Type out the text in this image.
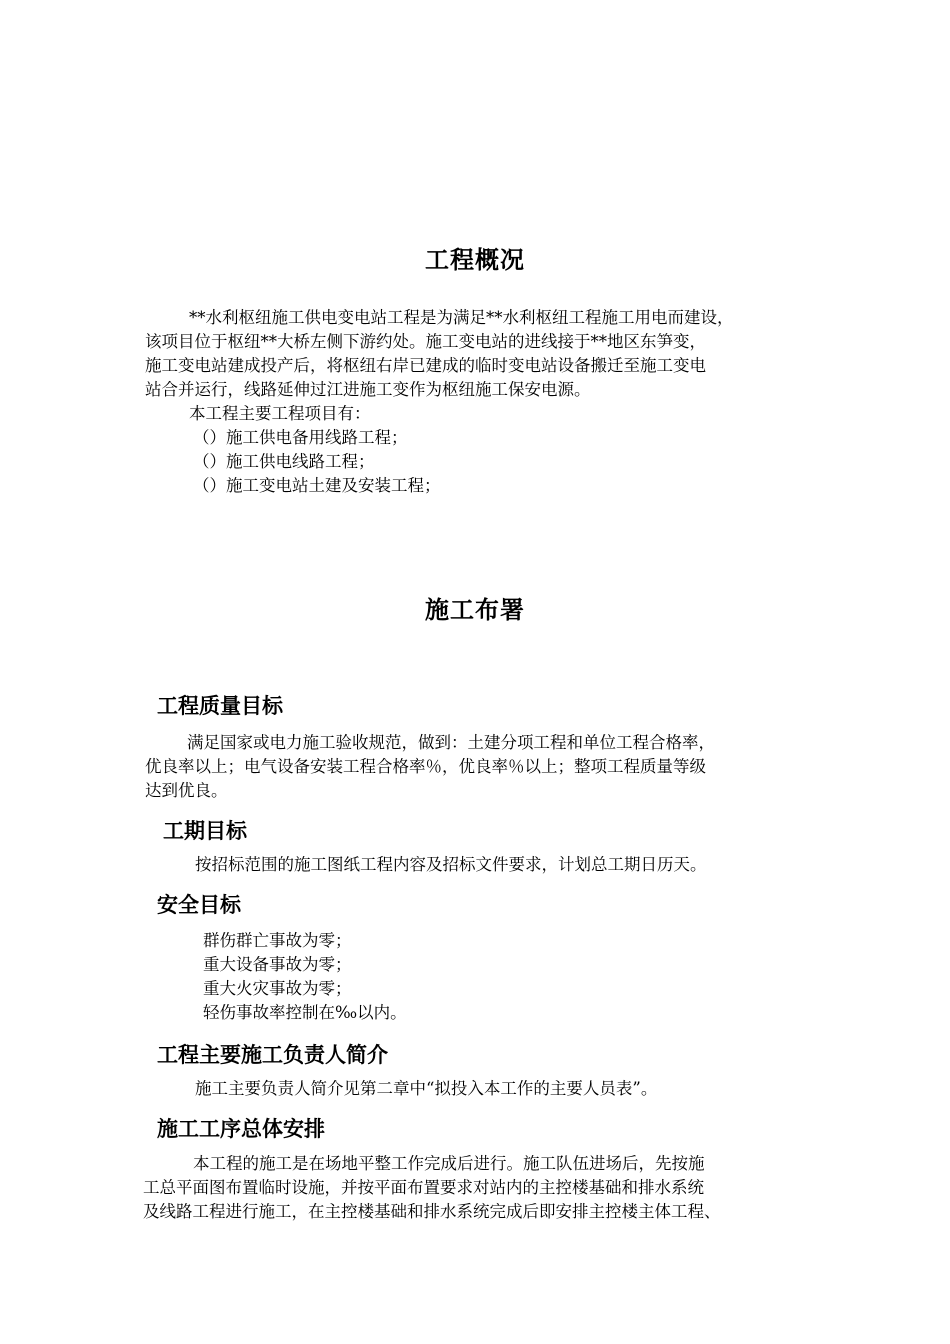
工程概况
**水利枢纽施工供电变电站工程是为满足**水利枢纽工程施工用电而建设，
该项目位于枢纽**大桥左侧下游约处。施工变电站的进线接于**地区东笋变，
施工变电站建成投产后，将枢纽右岸已建成的临时变电站设备搬迁至施工变电
站合并运行，线路延伸过江进施工变作为枢纽施工保安电源。
本工程主要工程项目有：
（）施工供电备用线路工程；
（）施工供电线路工程；
（）施工变电站土建及安装工程；
施工布署
工程质量目标
满足国家或电力施工验收规范，做到：土建分项工程和单位工程合格率，
优良率以上；电气设备安装工程合格率％，优良率％以上；整项工程质量等级
达到优良。
工期目标
按招标范围的施工图纸工程内容及招标文件要求，计划总工期日历天。
安全目标
群伤群亡事故为零；
重大设备事故为零；
重大火灾事故为零；
轻伤事故率控制在‰以内。
工程主要施工负责人简介
施工主要负责人简介见第二章中“拟投入本工作的主要人员表”。
施工工序总体安排
本工程的施工是在场地平整工作完成后进行。施工队伍进场后，先按施
工总平面图布置临时设施，并按平面布置要求对站内的主控楼基础和排水系统
及线路工程进行施工，在主控楼基础和排水系统完成后即安排主控楼主体工程、
